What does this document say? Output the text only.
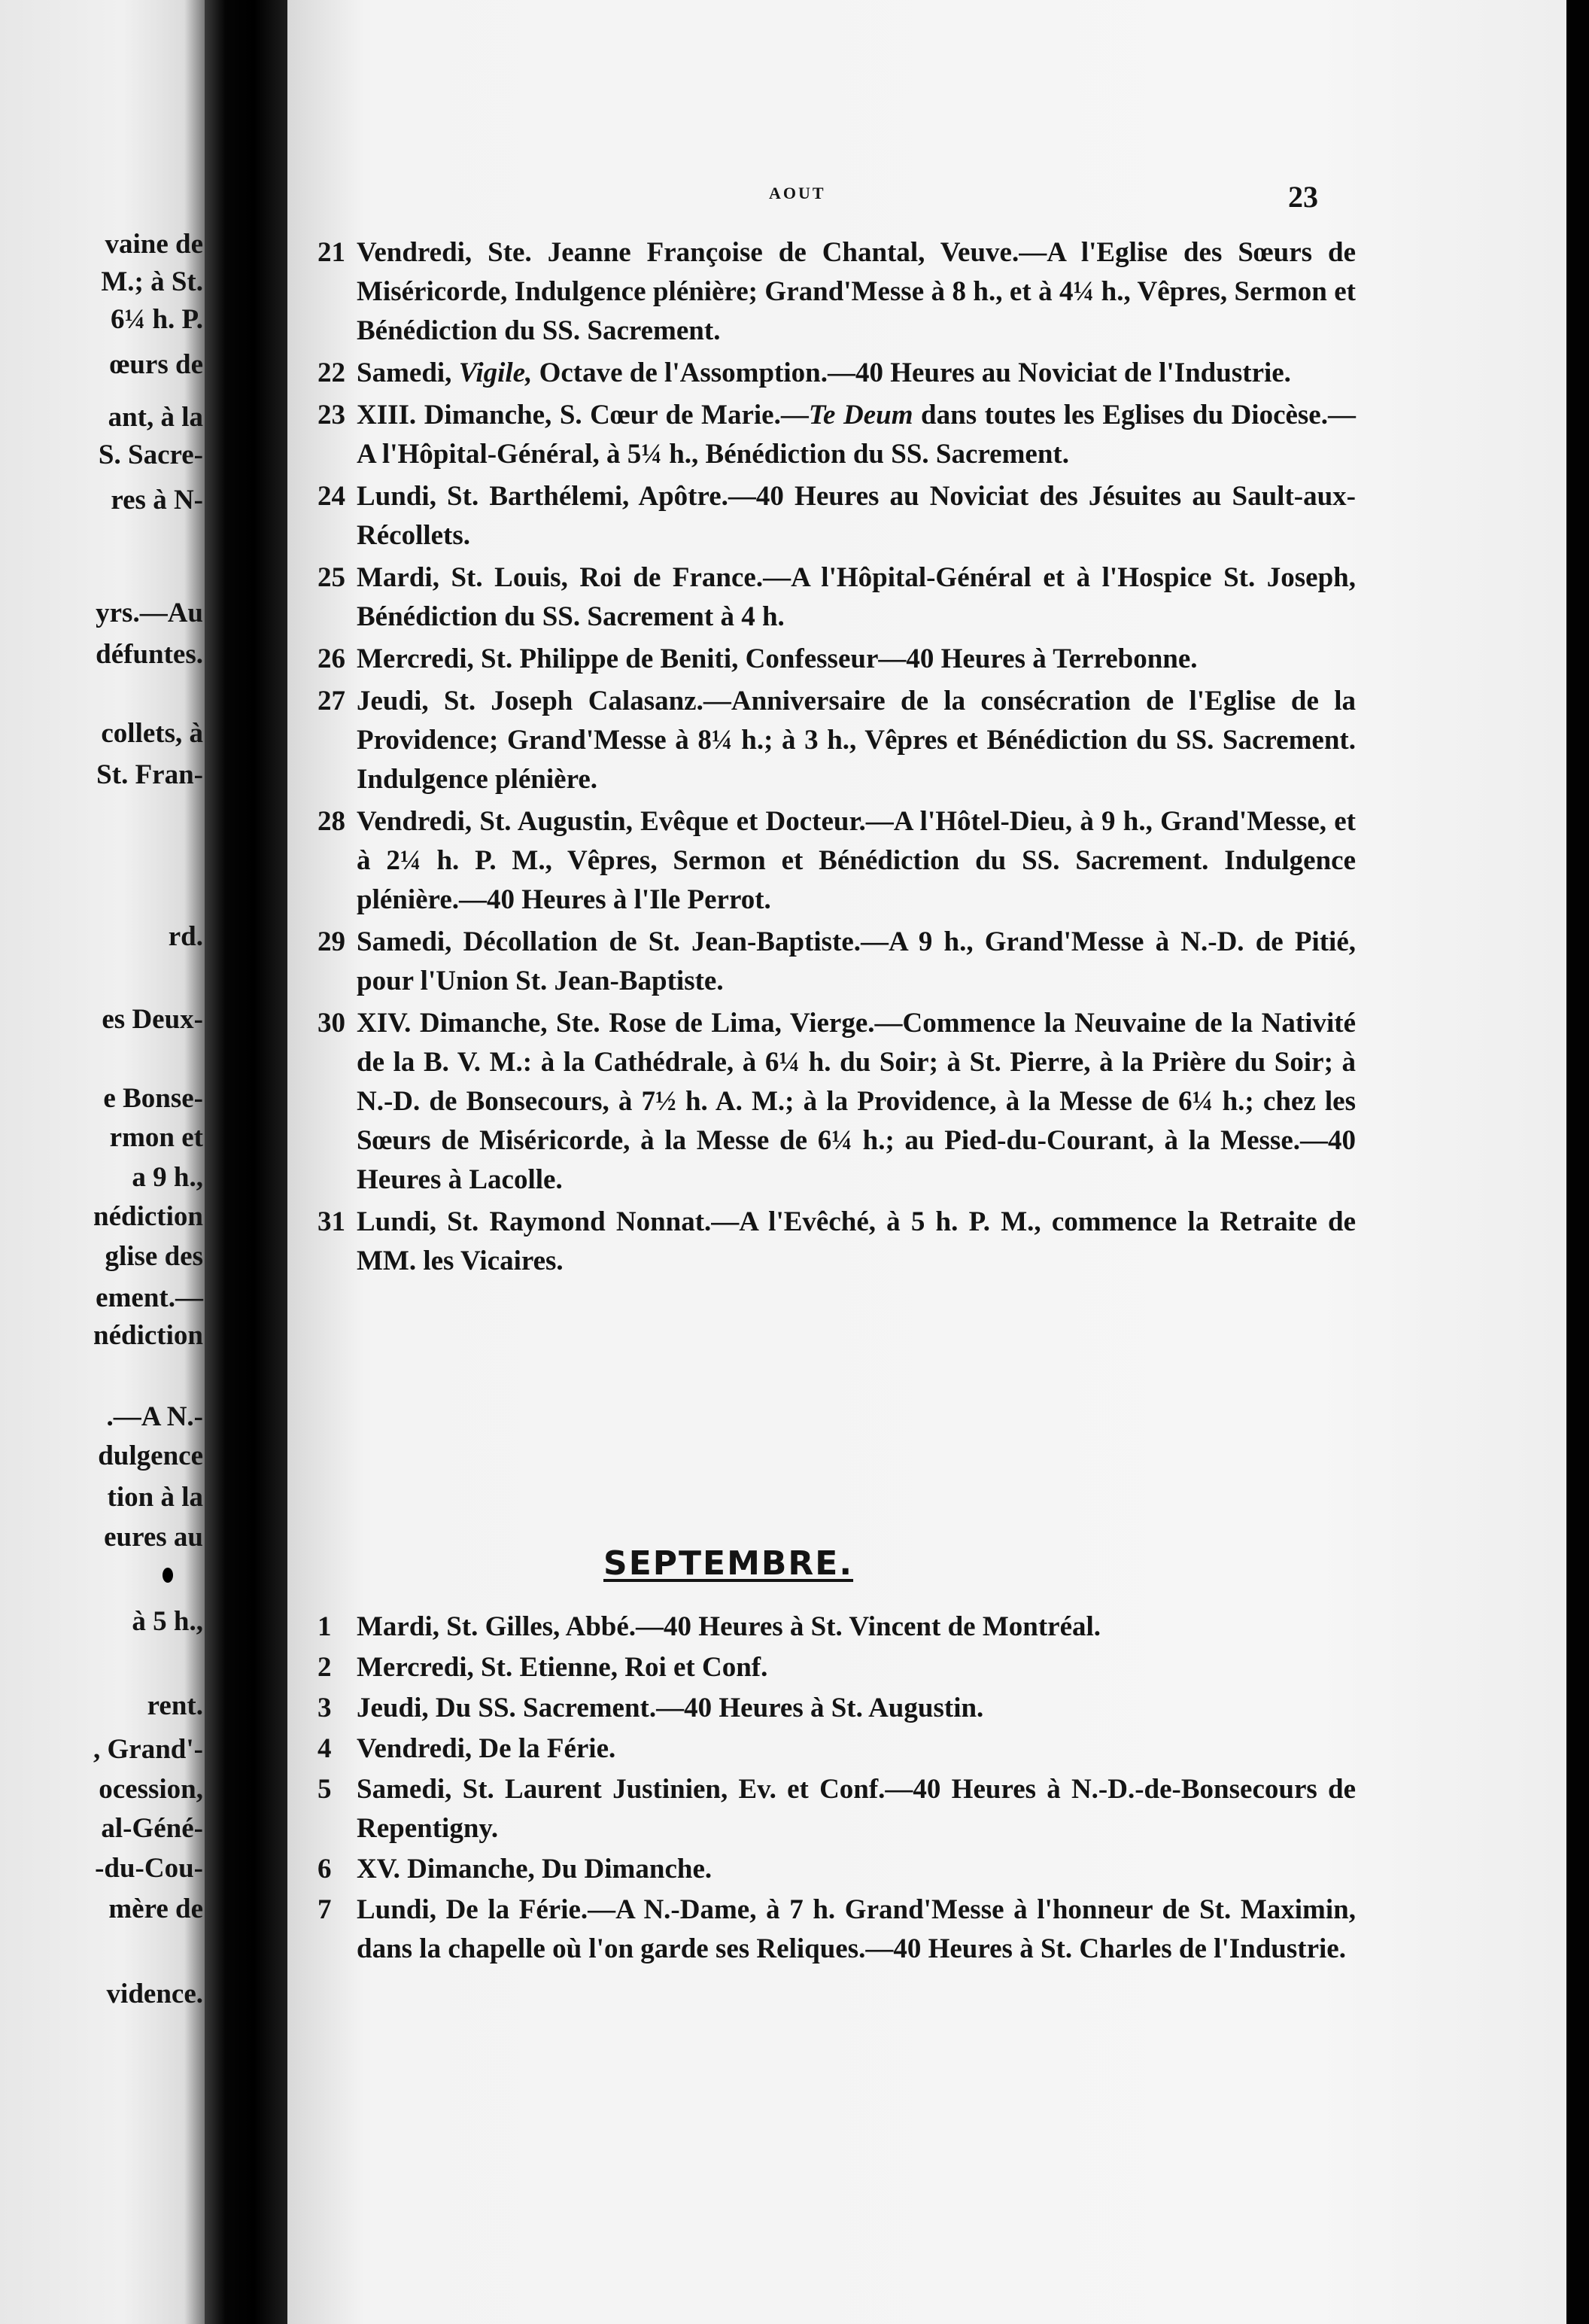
vaine de
M.; à St.
6¼ h. P.
œurs de
ant, à la
S. Sacre-
res à N-
yrs.—Au
défuntes.
collets, à
St. Fran-
rd.
es Deux-
e Bonse-
rmon et
a 9 h.,
nédiction
glise des
ement.—
nédiction
.—A N.-
dulgence
tion à la
eures au
à 5 h.,
rent.
, Grand'-
ocession,
al-Géné-
-du-Cou-
mère de
vidence.
AOUT	23
21 Vendredi, Ste. Jeanne Françoise de Chantal, Veuve.—A l'Eglise des Sœurs de Miséricorde, Indulgence plénière; Grand'Messe à 8 h., et à 4¼ h., Vêpres, Sermon et Bénédiction du SS. Sacrement.
22 Samedi, Vigile, Octave de l'Assomption.—40 Heures au Noviciat de l'Industrie.
23 XIII. Dimanche, S. Cœur de Marie.—Te Deum dans toutes les Eglises du Diocèse.—A l'Hôpital-Général, à 5¼ h., Bénédiction du SS. Sacrement.
24 Lundi, St. Barthélemi, Apôtre.—40 Heures au Noviciat des Jésuites au Sault-aux-Récollets.
25 Mardi, St. Louis, Roi de France.—A l'Hôpital-Général et à l'Hospice St. Joseph, Bénédiction du SS. Sacrement à 4 h.
26 Mercredi, St. Philippe de Beniti, Confesseur—40 Heures à Terrebonne.
27 Jeudi, St. Joseph Calasanz.—Anniversaire de la consécration de l'Eglise de la Providence; Grand'Messe à 8¼ h.; à 3 h., Vêpres et Bénédiction du SS. Sacrement. Indulgence plénière.
28 Vendredi, St. Augustin, Evêque et Docteur.—A l'Hôtel-Dieu, à 9 h., Grand'Messe, et à 2¼ h. P. M., Vêpres, Sermon et Bénédiction du SS. Sacrement. Indulgence plénière.—40 Heures à l'Ile Perrot.
29 Samedi, Décollation de St. Jean-Baptiste.—A 9 h., Grand'Messe à N.-D. de Pitié, pour l'Union St. Jean-Baptiste.
30 XIV. Dimanche, Ste. Rose de Lima, Vierge.—Commence la Neuvaine de la Nativité de la B. V. M.: à la Cathédrale, à 6¼ h. du Soir; à St. Pierre, à la Prière du Soir; à N.-D. de Bonsecours, à 7½ h. A. M.; à la Providence, à la Messe de 6¼ h.; chez les Sœurs de Miséricorde, à la Messe de 6¼ h.; au Pied-du-Courant, à la Messe.—40 Heures à Lacolle.
31 Lundi, St. Raymond Nonnat.—A l'Evêché, à 5 h. P. M., commence la Retraite de MM. les Vicaires.
SEPTEMBRE.
1 Mardi, St. Gilles, Abbé.—40 Heures à St. Vincent de Montréal.
2 Mercredi, St. Etienne, Roi et Conf.
3 Jeudi, Du SS. Sacrement.—40 Heures à St. Augustin.
4 Vendredi, De la Férie.
5 Samedi, St. Laurent Justinien, Ev. et Conf.—40 Heures à N.-D.-de-Bonsecours de Repentigny.
6 XV. Dimanche, Du Dimanche.
7 Lundi, De la Férie.—A N.-Dame, à 7 h. Grand'Messe à l'honneur de St. Maximin, dans la chapelle où l'on garde ses Reliques.—40 Heures à St. Charles de l'Industrie.
